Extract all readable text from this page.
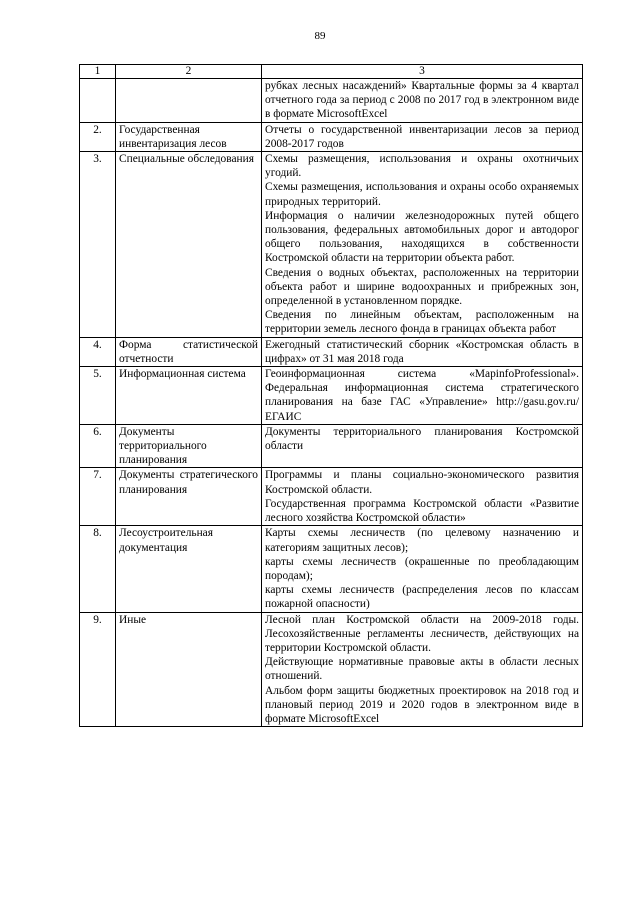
89
1	2	3

		рубках лесных насаждений» Квартальные формы за 4 квартал отчетного года за период с 2008 по 2017 год в электронном виде в формате MicrosoftExcel

2.	Государственная инвентаризация лесов	Отчеты о государственной инвентаризации лесов за период 2008-2017 годов

3.	Специальные обследования	Схемы размещения, использования и охраны охотничьих угодий.
Схемы размещения, использования и охраны особо охраняемых природных территорий.
Информация о наличии железнодорожных путей общего пользования, федеральных автомобильных дорог и автодорог общего пользования, находящихся в собственности Костромской области на территории объекта работ.
Сведения о водных объектах, расположенных на территории объекта работ и ширине водоохранных и прибрежных зон, определенной в установленном порядке.
Сведения по линейным объектам, расположенным на территории земель лесного фонда в границах объекта работ

4.	Форма статистической отчетности	Ежегодный статистический сборник «Костромская область в цифрах» от 31 мая 2018 года

5.	Информационная система	Геоинформационная система «MapinfoProfessional». Федеральная информационная система стратегического планирования на базе ГАС «Управление» http://gasu.gov.ru/ ЕГАИС

6.	Документы территориального планирования	Документы территориального планирования Костромской области

7.	Документы стратегического планирования	Программы и планы социально-экономического развития Костромской области.
Государственная программа Костромской области «Развитие лесного хозяйства Костромской области»

8.	Лесоустроительная документация	Карты схемы лесничеств (по целевому назначению и категориям защитных лесов);
карты схемы лесничеств (окрашенные по преобладающим породам);
карты схемы лесничеств (распределения лесов по классам пожарной опасности)

9.	Иные	Лесной план Костромской области на 2009-2018 годы. Лесохозяйственные регламенты лесничеств, действующих на территории Костромской области.
Действующие нормативные правовые акты в области лесных отношений.
Альбом форм защиты бюджетных проектировок на 2018 год и плановый период 2019 и 2020 годов в электронном виде в формате MicrosoftExcel
